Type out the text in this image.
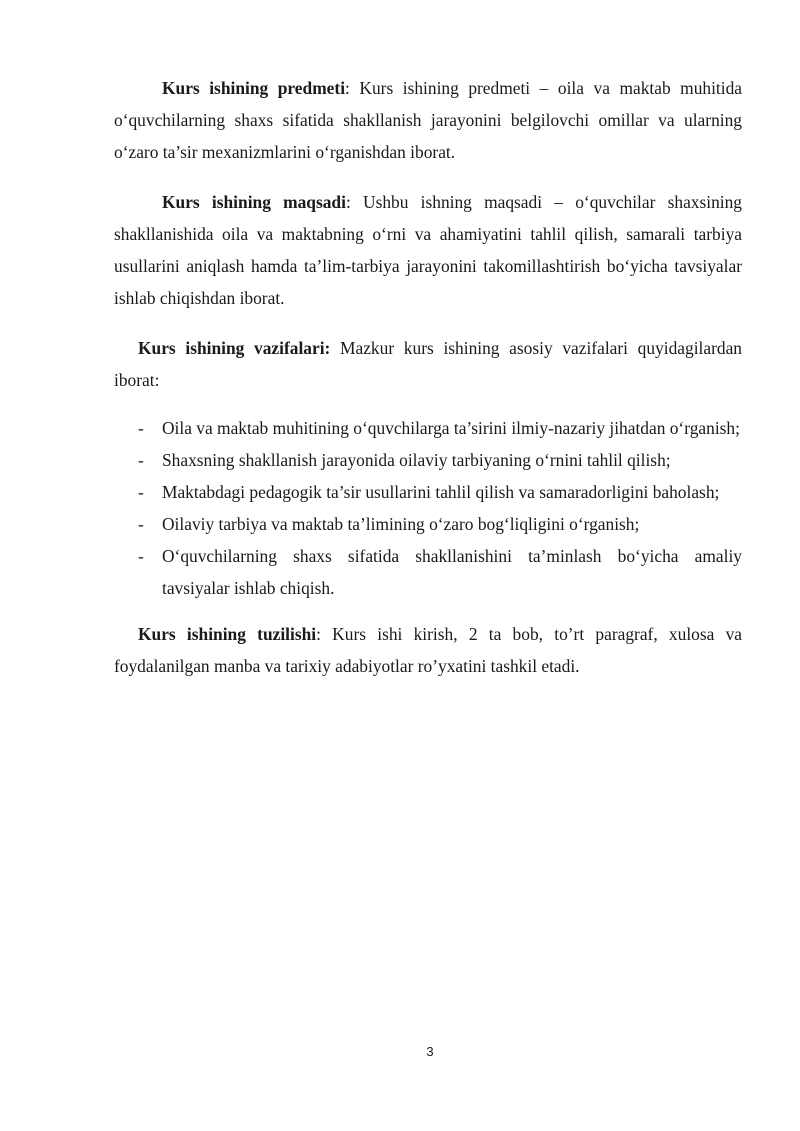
Kurs ishining predmeti: Kurs ishining predmeti – oila va maktab muhitida o‘quvchilarning shaxs sifatida shakllanish jarayonini belgilovchi omillar va ularning o‘zaro ta’sir mexanizmlarini o‘rganishdan iborat.

Kurs ishining maqsadi: Ushbu ishning maqsadi – o‘quvchilar shaxsining shakllanishida oila va maktabning o‘rni va ahamiyatini tahlil qilish, samarali tarbiya usullarini aniqlash hamda ta’lim-tarbiya jarayonini takomillashtirish bo‘yicha tavsiyalar ishlab chiqishdan iborat.

Kurs ishining vazifalari: Mazkur kurs ishining asosiy vazifalari quyidagilardan iborat:

- Oila va maktab muhitining o‘quvchilarga ta’sirini ilmiy-nazariy jihatdan o‘rganish;
- Shaxsning shakllanish jarayonida oilaviy tarbiyaning o‘rnini tahlil qilish;
- Maktabdagi pedagogik ta’sir usullarini tahlil qilish va samaradorligini baholash;
- Oilaviy tarbiya va maktab ta’limining o‘zaro bog‘liqligini o‘rganish;
- O‘quvchilarning shaxs sifatida shakllanishini ta’minlash bo‘yicha amaliy tavsiyalar ishlab chiqish.

Kurs ishining tuzilishi: Kurs ishi kirish, 2 ta bob, to’rt paragraf, xulosa va foydalanilgan manba va tarixiy adabiyotlar ro’yxatini tashkil etadi.

3
